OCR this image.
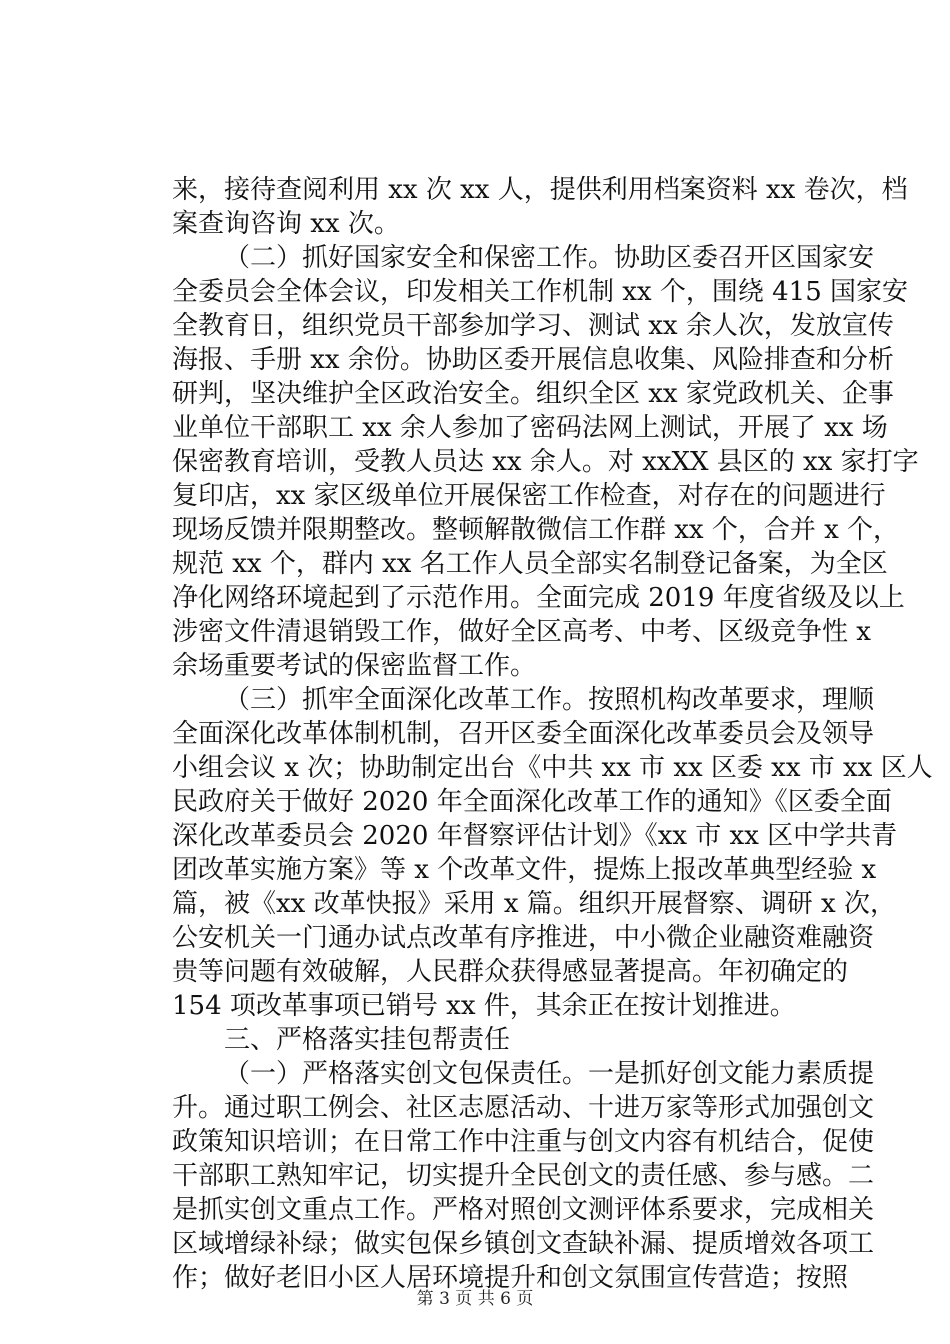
来，接待查阅利用 xx 次 xx 人，提供利用档案资料 xx 卷次，档
案查询咨询 xx 次。
（二）抓好国家安全和保密工作。协助区委召开区国家安
全委员会全体会议，印发相关工作机制 xx 个，围绕 415 国家安
全教育日，组织党员干部参加学习、测试 xx 余人次，发放宣传
海报、手册 xx 余份。协助区委开展信息收集、风险排查和分析
研判，坚决维护全区政治安全。组织全区 xx 家党政机关、企事
业单位干部职工 xx 余人参加了密码法网上测试，开展了 xx 场
保密教育培训，受教人员达 xx 余人。对 xxXX 县区的 xx 家打字
复印店，xx 家区级单位开展保密工作检查，对存在的问题进行
现场反馈并限期整改。整顿解散微信工作群 xx 个，合并 x 个，
规范 xx 个，群内 xx 名工作人员全部实名制登记备案，为全区
净化网络环境起到了示范作用。全面完成 2019 年度省级及以上
涉密文件清退销毁工作，做好全区高考、中考、区级竞争性 x
余场重要考试的保密监督工作。
（三）抓牢全面深化改革工作。按照机构改革要求，理顺
全面深化改革体制机制，召开区委全面深化改革委员会及领导
小组会议 x 次；协助制定出台《中共 xx 市 xx 区委 xx 市 xx 区人
民政府关于做好 2020 年全面深化改革工作的通知》《区委全面
深化改革委员会 2020 年督察评估计划》《xx 市 xx 区中学共青
团改革实施方案》等 x 个改革文件，提炼上报改革典型经验 x
篇，被《xx 改革快报》采用 x 篇。组织开展督察、调研 x 次，
公安机关一门通办试点改革有序推进，中小微企业融资难融资
贵等问题有效破解，人民群众获得感显著提高。年初确定的
154 项改革事项已销号 xx 件，其余正在按计划推进。
三、严格落实挂包帮责任
（一）严格落实创文包保责任。一是抓好创文能力素质提
升。通过职工例会、社区志愿活动、十进万家等形式加强创文
政策知识培训；在日常工作中注重与创文内容有机结合，促使
干部职工熟知牢记，切实提升全民创文的责任感、参与感。二
是抓实创文重点工作。严格对照创文测评体系要求，完成相关
区域增绿补绿；做实包保乡镇创文查缺补漏、提质增效各项工
作；做好老旧小区人居环境提升和创文氛围宣传营造；按照
第 3 页 共 6 页
